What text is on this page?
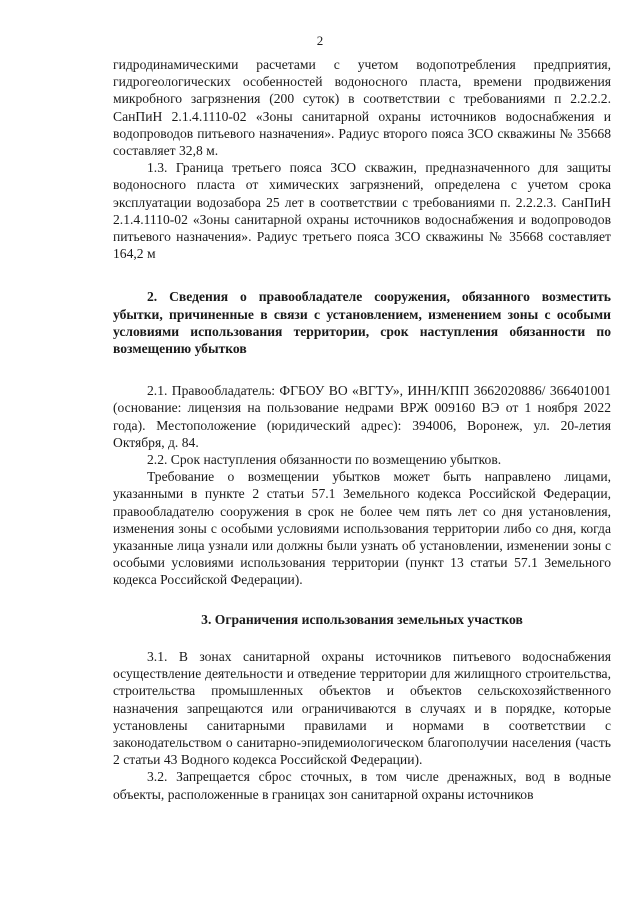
2

гидродинамическими расчетами с учетом водопотребления предприятия, гидрогеологических особенностей водоносного пласта, времени продвижения микробного загрязнения (200 суток) в соответствии с требованиями п 2.2.2.2. СанПиН 2.1.4.1110-02 «Зоны санитарной охраны источников водоснабжения и водопроводов питьевого назначения». Радиус второго пояса ЗСО скважины № 35668 составляет 32,8 м.

1.3. Граница третьего пояса ЗСО скважин, предназначенного для защиты водоносного пласта от химических загрязнений, определена с учетом срока эксплуатации водозабора 25 лет в соответствии с требованиями п. 2.2.2.3. СанПиН 2.1.4.1110-02 «Зоны санитарной охраны источников водоснабжения и водопроводов питьевого назначения». Радиус третьего пояса ЗСО скважины № 35668 составляет 164,2 м

2. Сведения о правообладателе сооружения, обязанного возместить убытки, причиненные в связи с установлением, изменением зоны с особыми условиями использования территории, срок наступления обязанности по возмещению убытков

2.1. Правообладатель: ФГБОУ ВО «ВГТУ», ИНН/КПП 3662020886/ 366401001 (основание: лицензия на пользование недрами ВРЖ 009160 ВЭ от 1 ноября 2022 года). Местоположение (юридический адрес): 394006, Воронеж, ул. 20-летия Октября, д. 84.

2.2. Срок наступления обязанности по возмещению убытков.

Требование о возмещении убытков может быть направлено лицами, указанными в пункте 2 статьи 57.1 Земельного кодекса Российской Федерации, правообладателю сооружения в срок не более чем пять лет со дня установления, изменения зоны с особыми условиями использования территории либо со дня, когда указанные лица узнали или должны были узнать об установлении, изменении зоны с особыми условиями использования территории (пункт 13 статьи 57.1 Земельного кодекса Российской Федерации).

3. Ограничения использования земельных участков

3.1. В зонах санитарной охраны источников питьевого водоснабжения осуществление деятельности и отведение территории для жилищного строительства, строительства промышленных объектов и объектов сельскохозяйственного назначения запрещаются или ограничиваются в случаях и в порядке, которые установлены санитарными правилами и нормами в соответствии с законодательством о санитарно-эпидемиологическом благополучии населения (часть 2 статьи 43 Водного кодекса Российской Федерации).

3.2. Запрещается сброс сточных, в том числе дренажных, вод в водные объекты, расположенные в границах зон санитарной охраны источников
